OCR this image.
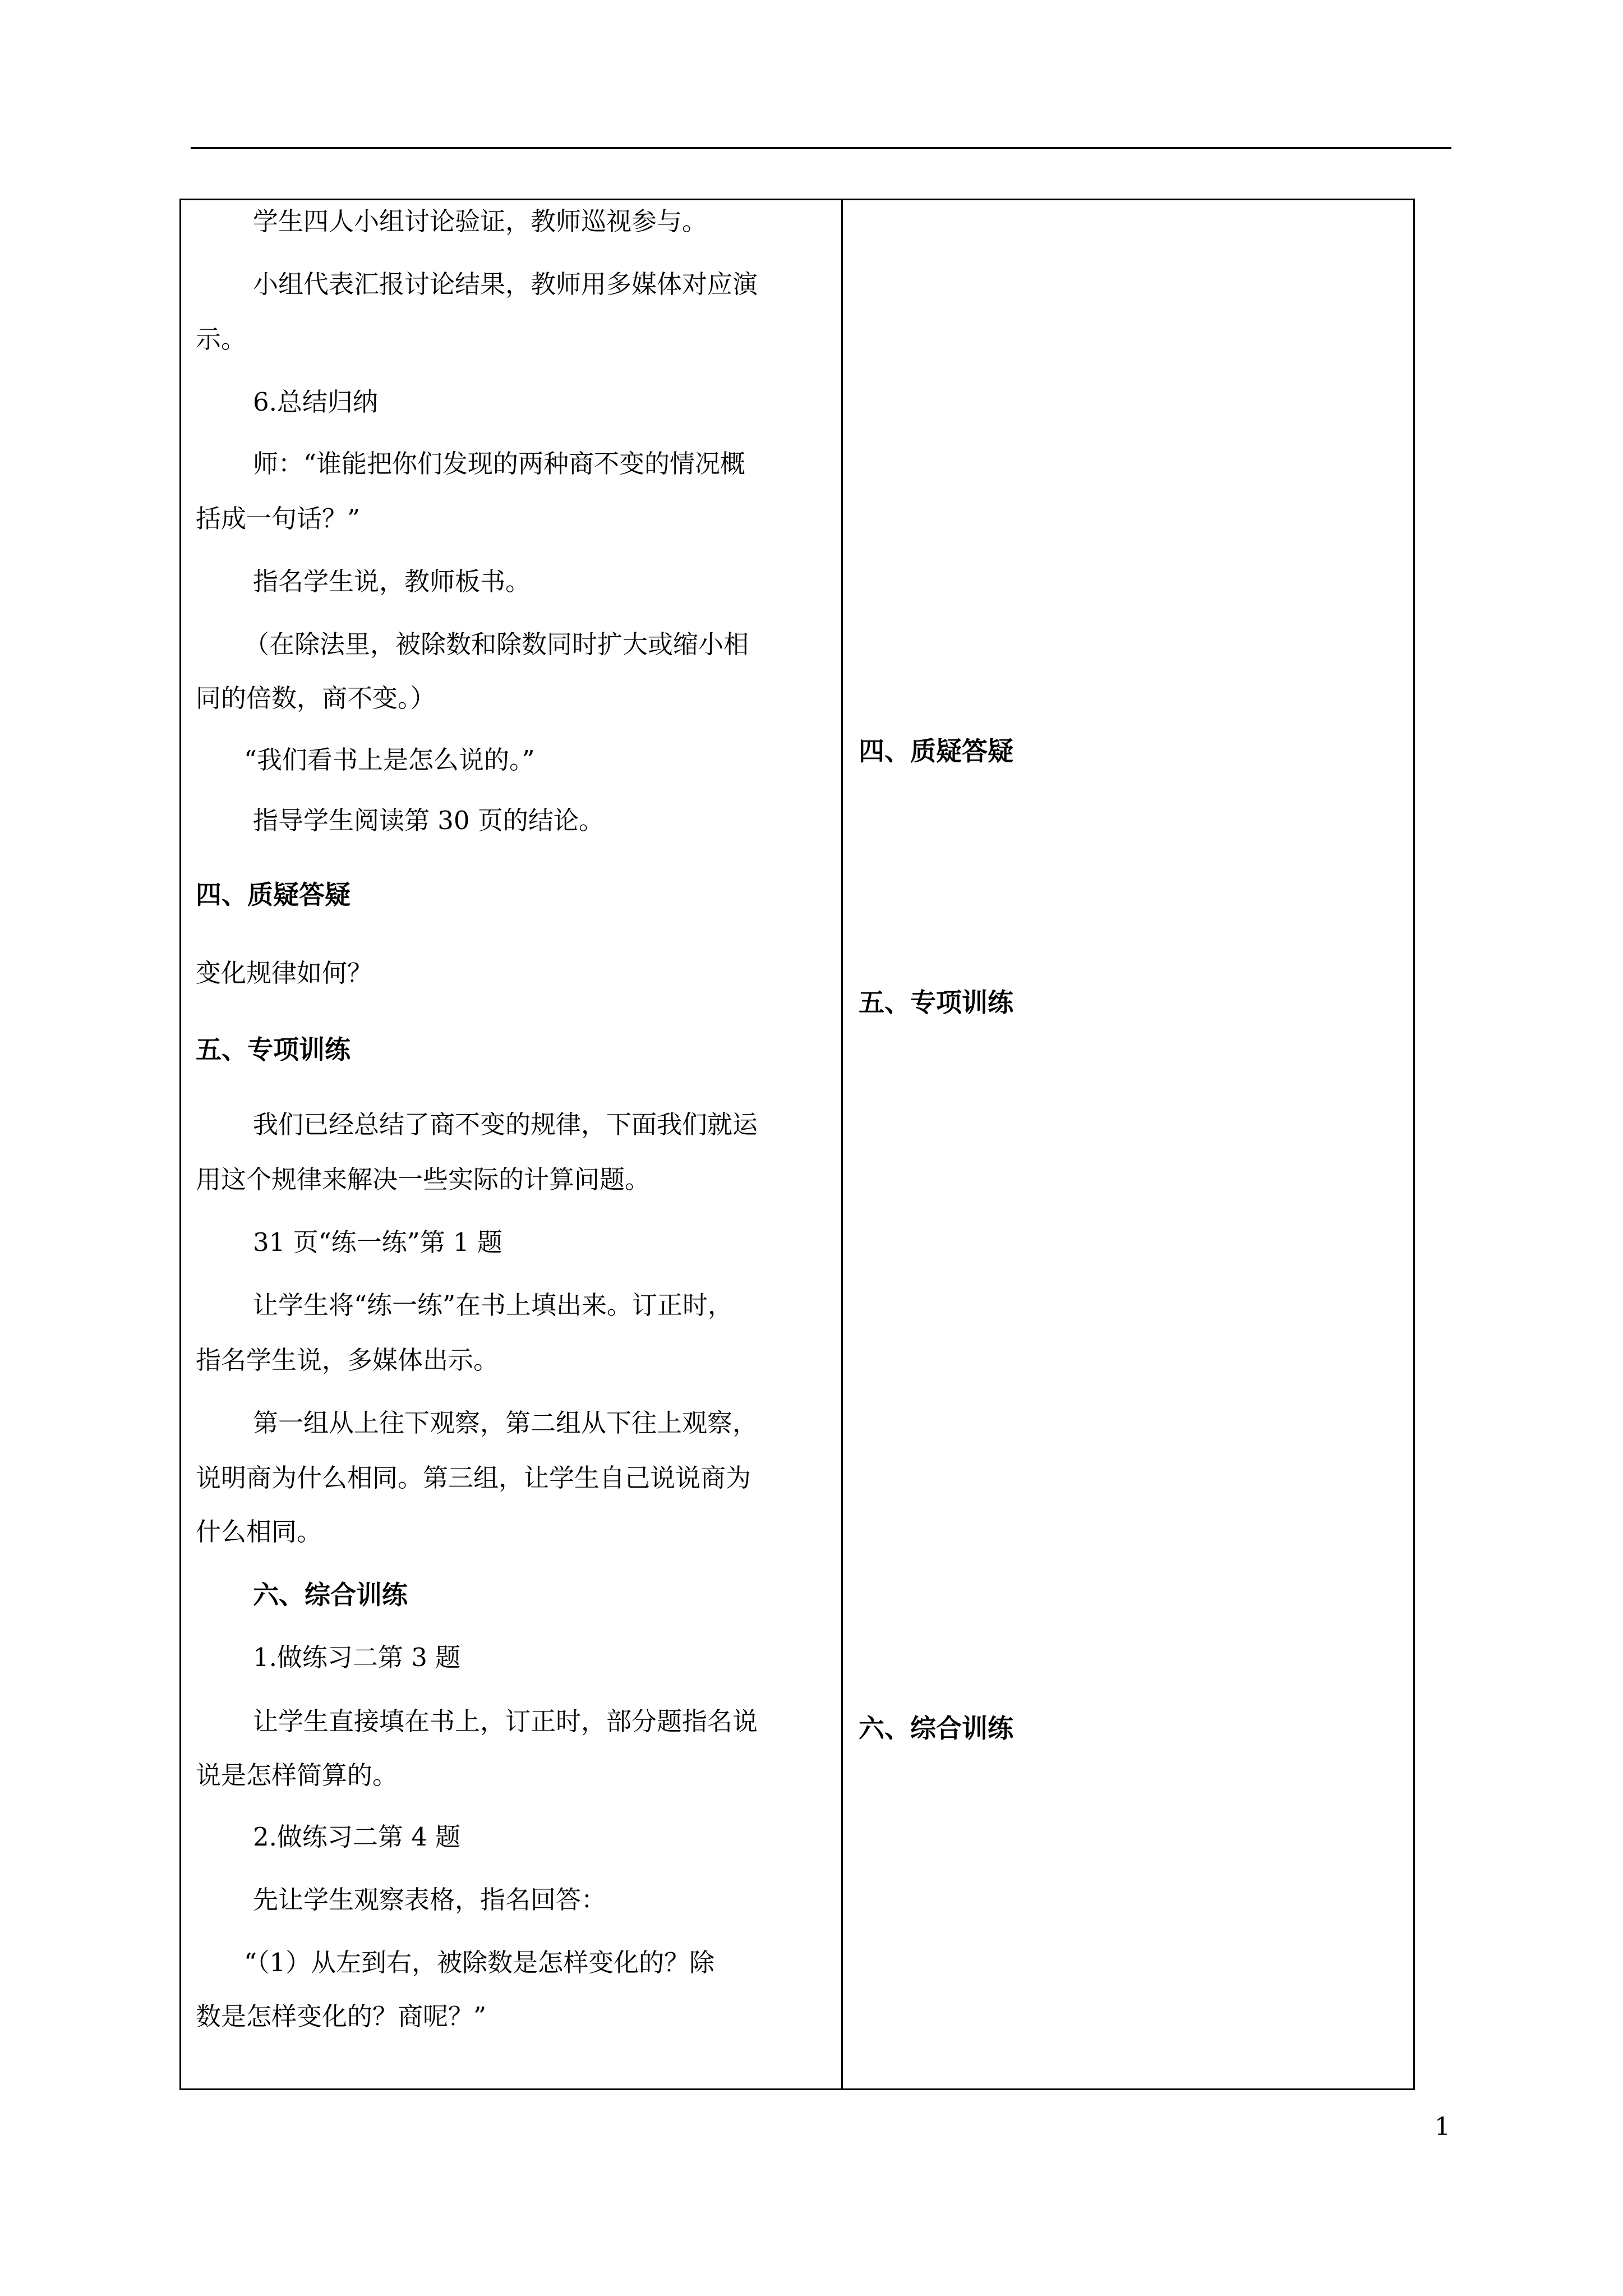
学生四人小组讨论验证，教师巡视参与。

小组代表汇报讨论结果，教师用多媒体对应演

示。

6.总结归纳

师：“谁能把你们发现的两种商不变的情况概

括成一句话？”

指名学生说，教师板书。

（在除法里，被除数和除数同时扩大或缩小相

同的倍数，商不变。）

“我们看书上是怎么说的。”

指导学生阅读第 30 页的结论。

四、质疑答疑

变化规律如何？

五、专项训练

我们已经总结了商不变的规律，下面我们就运

用这个规律来解决一些实际的计算问题。

31 页“练一练”第 1 题

让学生将“练一练”在书上填出来。订正时，

指名学生说，多媒体出示。

第一组从上往下观察，第二组从下往上观察，

说明商为什么相同。第三组，让学生自己说说商为

什么相同。

六、综合训练

1.做练习二第 3 题

让学生直接填在书上，订正时，部分题指名说

说是怎样简算的。

2.做练习二第 4 题

先让学生观察表格，指名回答：

“（1）从左到右，被除数是怎样变化的？除

数是怎样变化的？商呢？”

四、质疑答疑

五、专项训练

六、综合训练

1
